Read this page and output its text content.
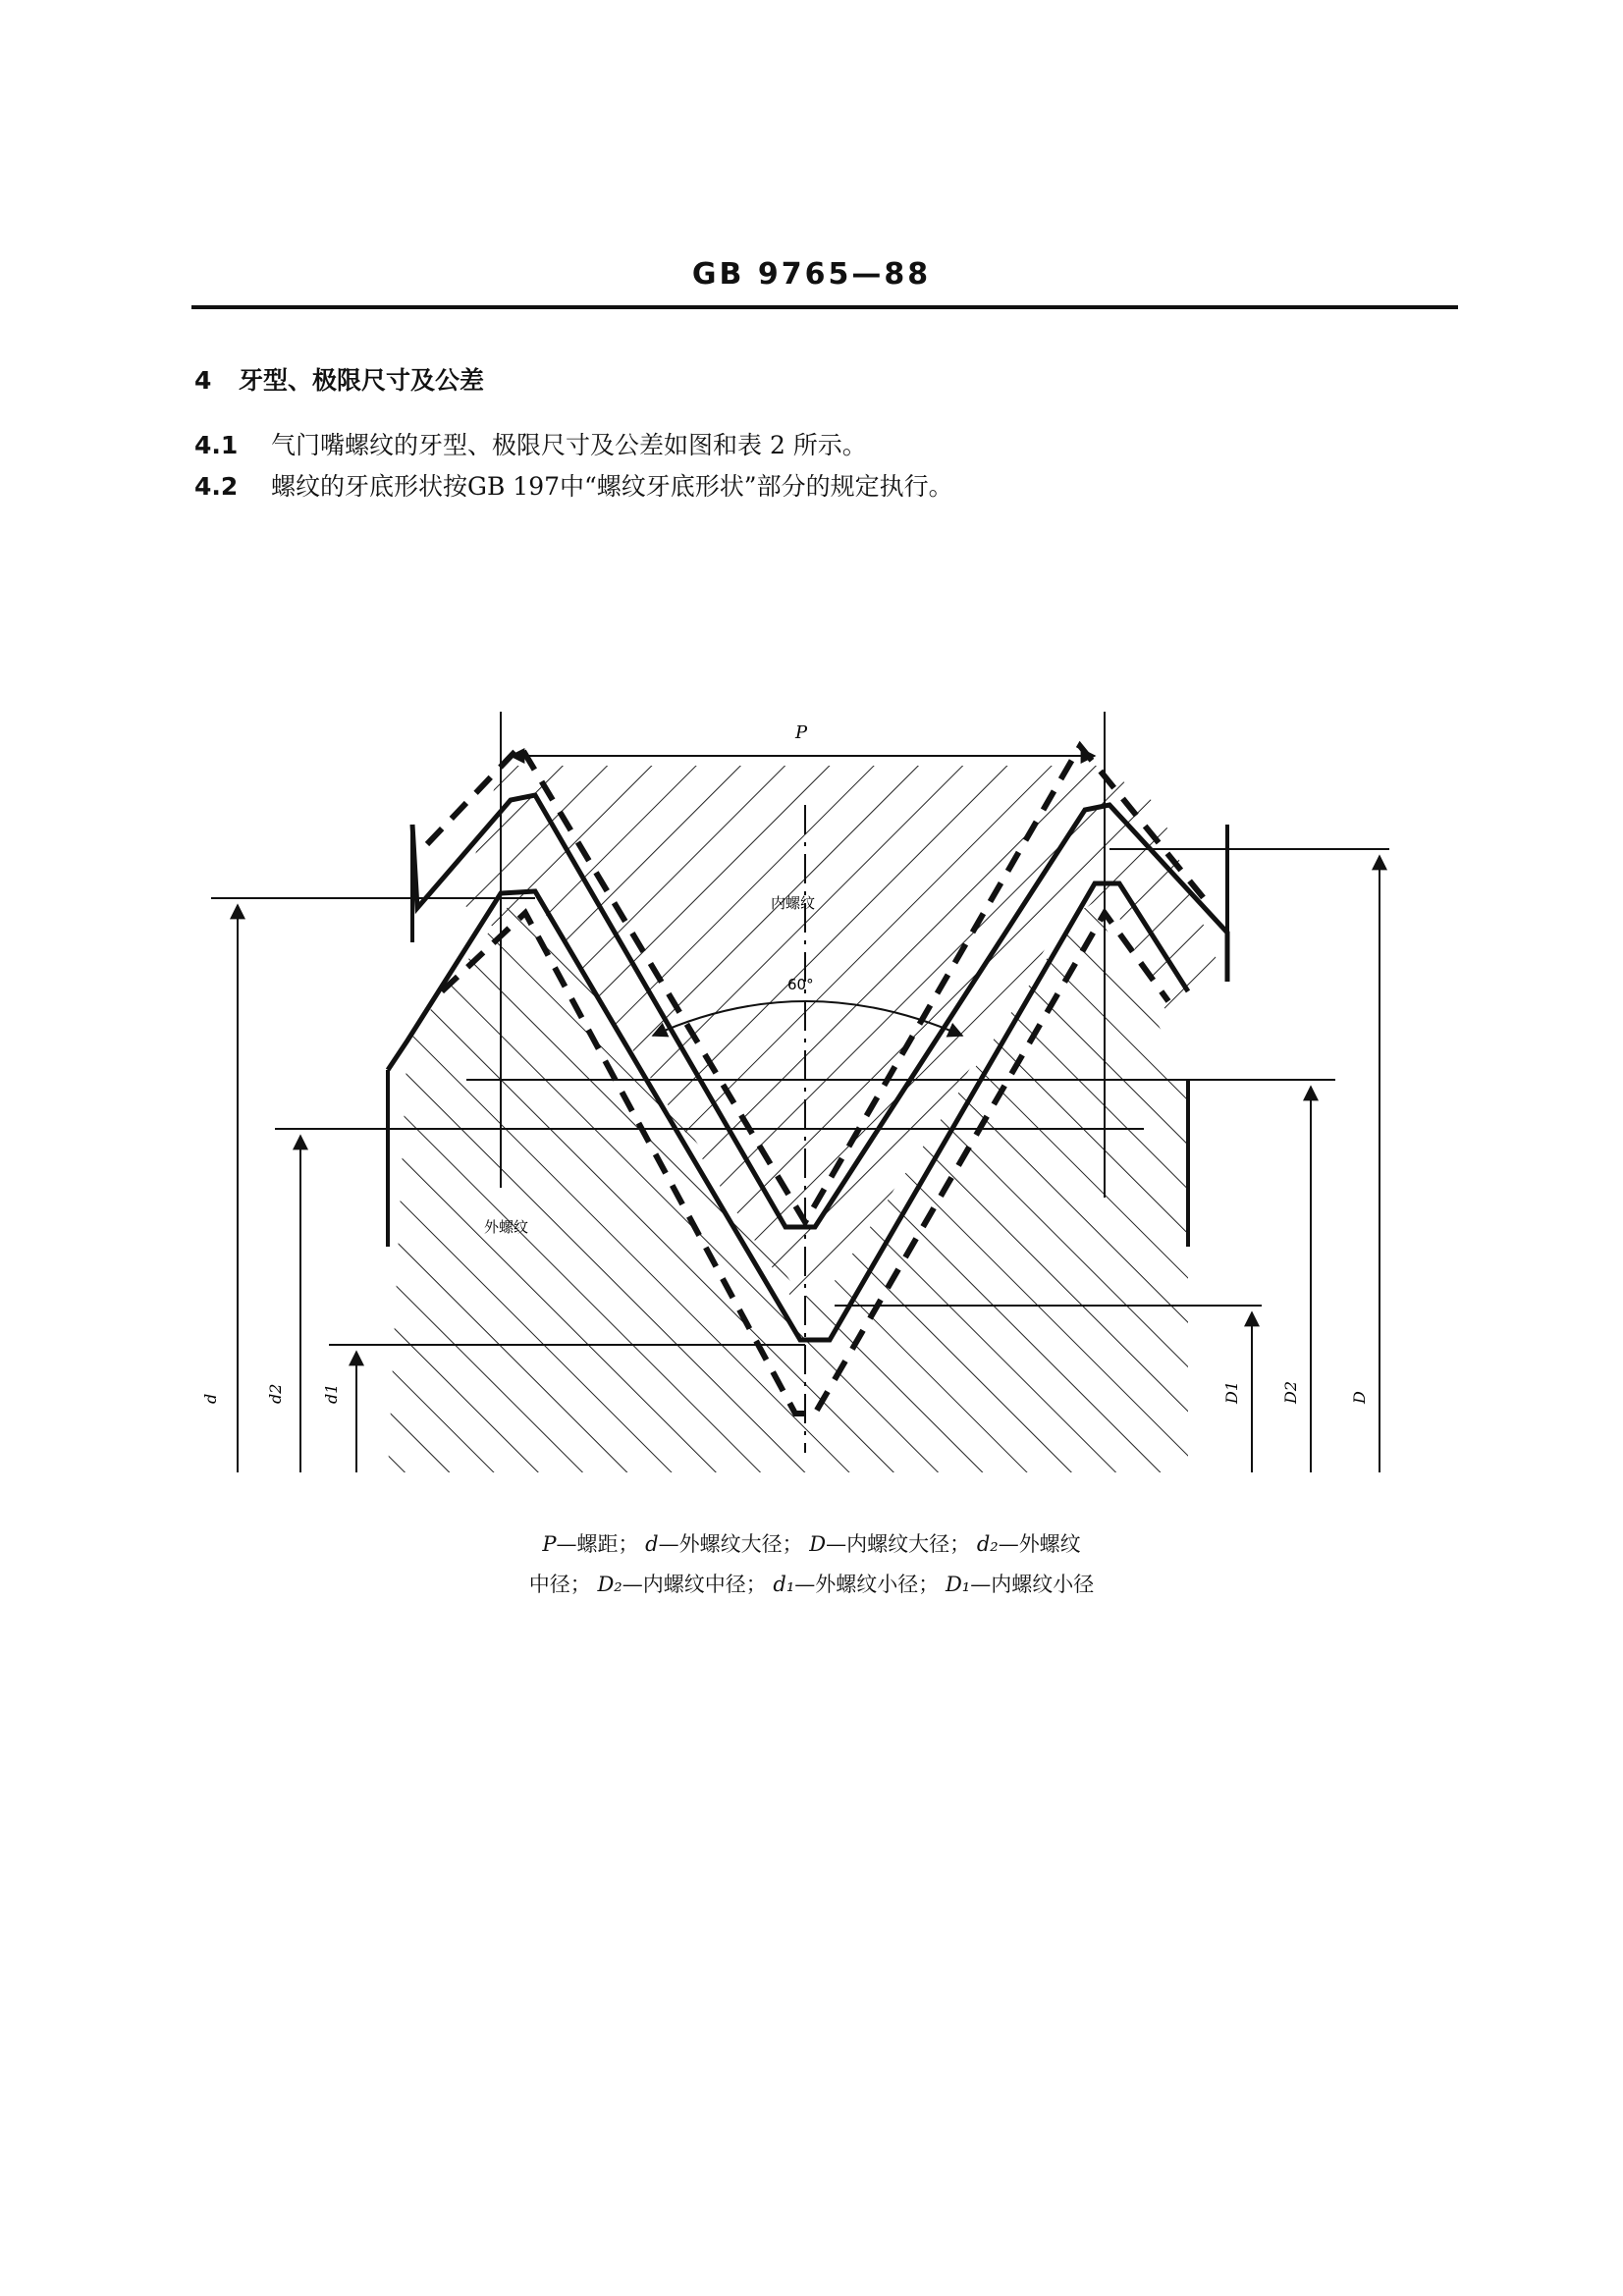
GB 9765—88
4 牙型、极限尺寸及公差
4.1 气门嘴螺纹的牙型、极限尺寸及公差如图和表 2 所示。
4.2 螺纹的牙底形状按GB 197中“螺纹牙底形状”部分的规定执行。
P
60°
内螺纹
外螺纹
d	d2 d1	D1	D2	D
P—螺距； d—外螺纹大径； D—内螺纹大径； d₂—外螺纹
中径； D₂—内螺纹中径； d₁—外螺纹小径； D₁—内螺纹小径
